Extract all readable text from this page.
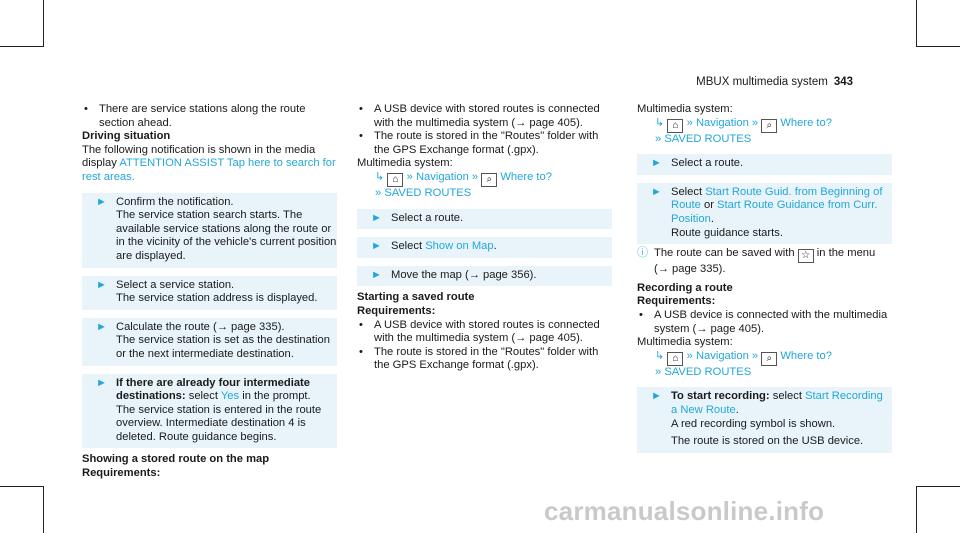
MBUX multimedia system 343

• There are service stations along the route section ahead.

Driving situation

The following notification is shown in the media display ATTENTION ASSIST Tap here to search for rest areas.

► Confirm the notification.
The service station search starts. The available service stations along the route or in the vicinity of the vehicle's current position are displayed.
► Select a service station.
The service station address is displayed.
► Calculate the route (→ page 335).
The service station is set as the destination or the next intermediate destination.
► If there are already four intermediate destinations: select Yes in the prompt.
The service station is entered in the route overview. Intermediate destination 4 is deleted. Route guidance begins.

Showing a stored route on the map

Requirements:

• A USB device with stored routes is connected with the multimedia system (→ page 405).

• The route is stored in the "Routes" folder with the GPS Exchange format (.gpx).

Multimedia system:

↳ ⌂ » Navigation » ⌕ Where to?
» SAVED ROUTES
► Select a route.
► Select Show on Map.
► Move the map (→ page 356).

Starting a saved route

Requirements:

• A USB device with stored routes is connected with the multimedia system (→ page 405).

• The route is stored in the "Routes" folder with the GPS Exchange format (.gpx).

Multimedia system:

↳ ⌂ » Navigation » ⌕ Where to?
» SAVED ROUTES
► Select a route.
► Select Start Route Guid. from Beginning of Route or Start Route Guidance from Curr. Position.
Route guidance starts.
ⓘ The route can be saved with ☆ in the menu (→ page 335).

Recording a route

Requirements:

• A USB device is connected with the multimedia system (→ page 405).

Multimedia system:

↳ ⌂ » Navigation » ⌕ Where to?
» SAVED ROUTES
► To start recording: select Start Recording a New Route.
A red recording symbol is shown.
The route is stored on the USB device.
carmanualsonline.info
